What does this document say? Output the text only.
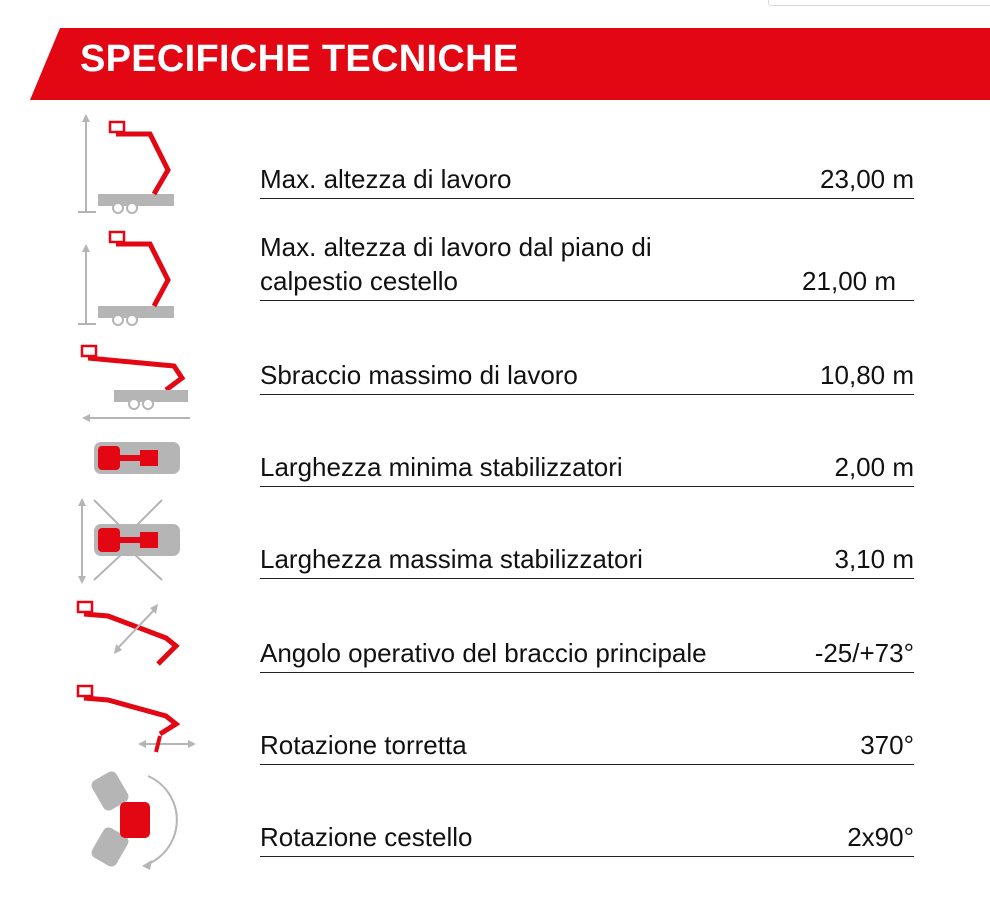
SPECIFICHE TECNICHE
Max. altezza di lavoro	23,00 m
Max. altezza di lavoro dal piano di calpestio cestello	21,00 m
Sbraccio massimo di lavoro	10,80 m
Larghezza minima stabilizzatori	2,00 m
Larghezza massima stabilizzatori	3,10 m
Angolo operativo del braccio principale	-25/+73°
Rotazione torretta	370°
Rotazione cestello	2x90°
